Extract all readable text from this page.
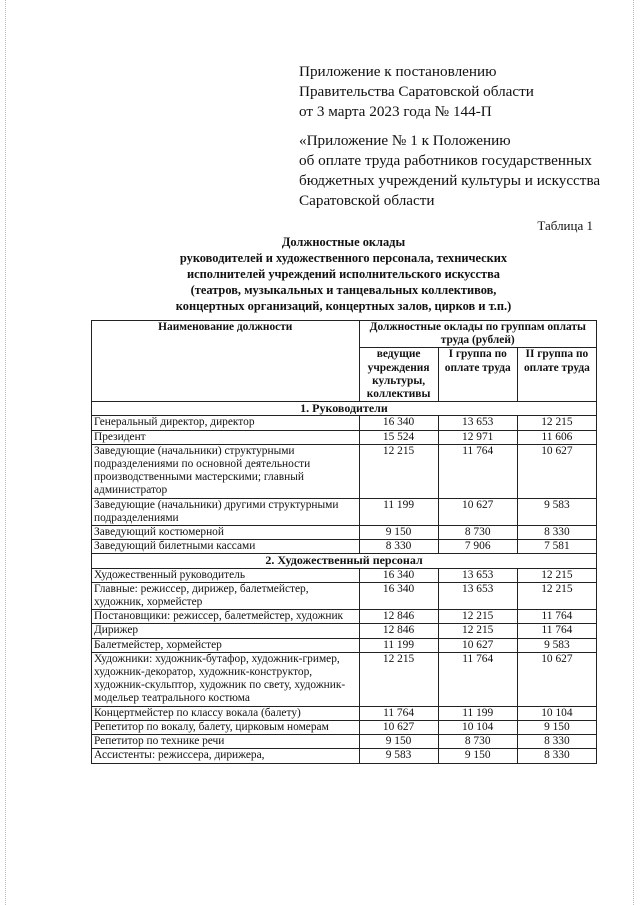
Приложение к постановлению
Правительства Саратовской области
от 3 марта 2023 года № 144-П
«Приложение № 1 к Положению
об оплате труда работников государственных
бюджетных учреждений культуры и искусства
Саратовской области
Таблица 1
Должностные оклады
руководителей и художественного персонала, технических
исполнителей учреждений исполнительского искусства
(театров, музыкальных и танцевальных коллективов,
концертных организаций, концертных залов, цирков и т.п.)
Наименование должности	Должностные оклады по группам оплаты труда (рублей)		
	ведущие учреждения культуры, коллективы	I группа по оплате труда	II группа по оплате труда
1. Руководители			
Генеральный директор, директор	16 340	13 653	12 215
Президент	15 524	12 971	11 606
Заведующие (начальники) структурными подразделениями по основной деятельности производственными мастерскими; главный администратор	12 215	11 764	10 627
Заведующие (начальники) другими структурными подразделениями	11 199	10 627	9 583
Заведующий костюмерной	9 150	8 730	8 330
Заведующий билетными кассами	8 330	7 906	7 581
2. Художественный персонал			
Художественный руководитель	16 340	13 653	12 215
Главные: режиссер, дирижер, балетмейстер, художник, хормейстер	16 340	13 653	12 215
Постановщики: режиссер, балетмейстер, художник	12 846	12 215	11 764
Дирижер	12 846	12 215	11 764
Балетмейстер, хормейстер	11 199	10 627	9 583
Художники: художник-бутафор, художник-гример, художник-декоратор, художник-конструктор, художник-скульптор, художник по свету, художник-модельер театрального костюма	12 215	11 764	10 627
Концертмейстер по классу вокала (балету)	11 764	11 199	10 104
Репетитор по вокалу, балету, цирковым номерам	10 627	10 104	9 150
Репетитор по технике речи	9 150	8 730	8 330
Ассистенты: режиссера, дирижера,	9 583	9 150	8 330
